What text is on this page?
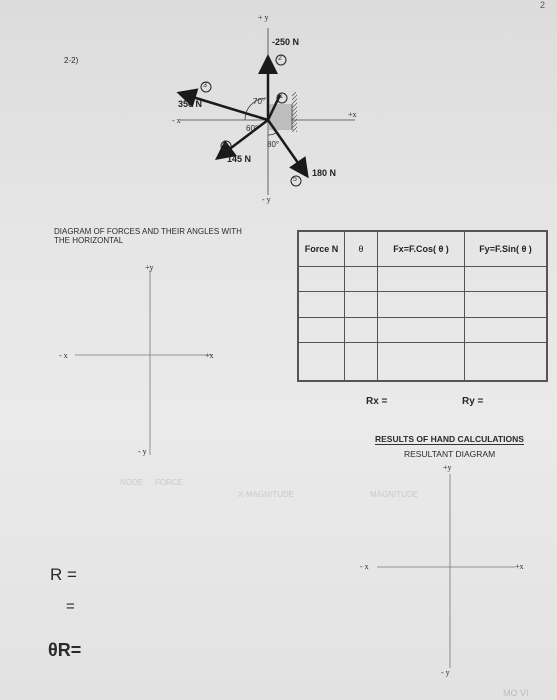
2-2)
+ y
- y
+x
- x
-250 N
2
350 N
3
1
145 N
4
180 N
5
70°
60°
80°
DIAGRAM OF FORCES AND THEIR ANGLES WITH THE HORIZONTAL
+y
- y
+x
- x
Force N	θ	Fx=F.Cos( θ )	Fy=F.Sin( θ )

Rx =	Ry =
RESULTS OF HAND CALCULATIONS
RESULTANT DIAGRAM
+y
- y
+x
- x
R =
=
θR=
NODE FORCE
X-MAGNITUDE	MAGNITUDE
2
MO VI
